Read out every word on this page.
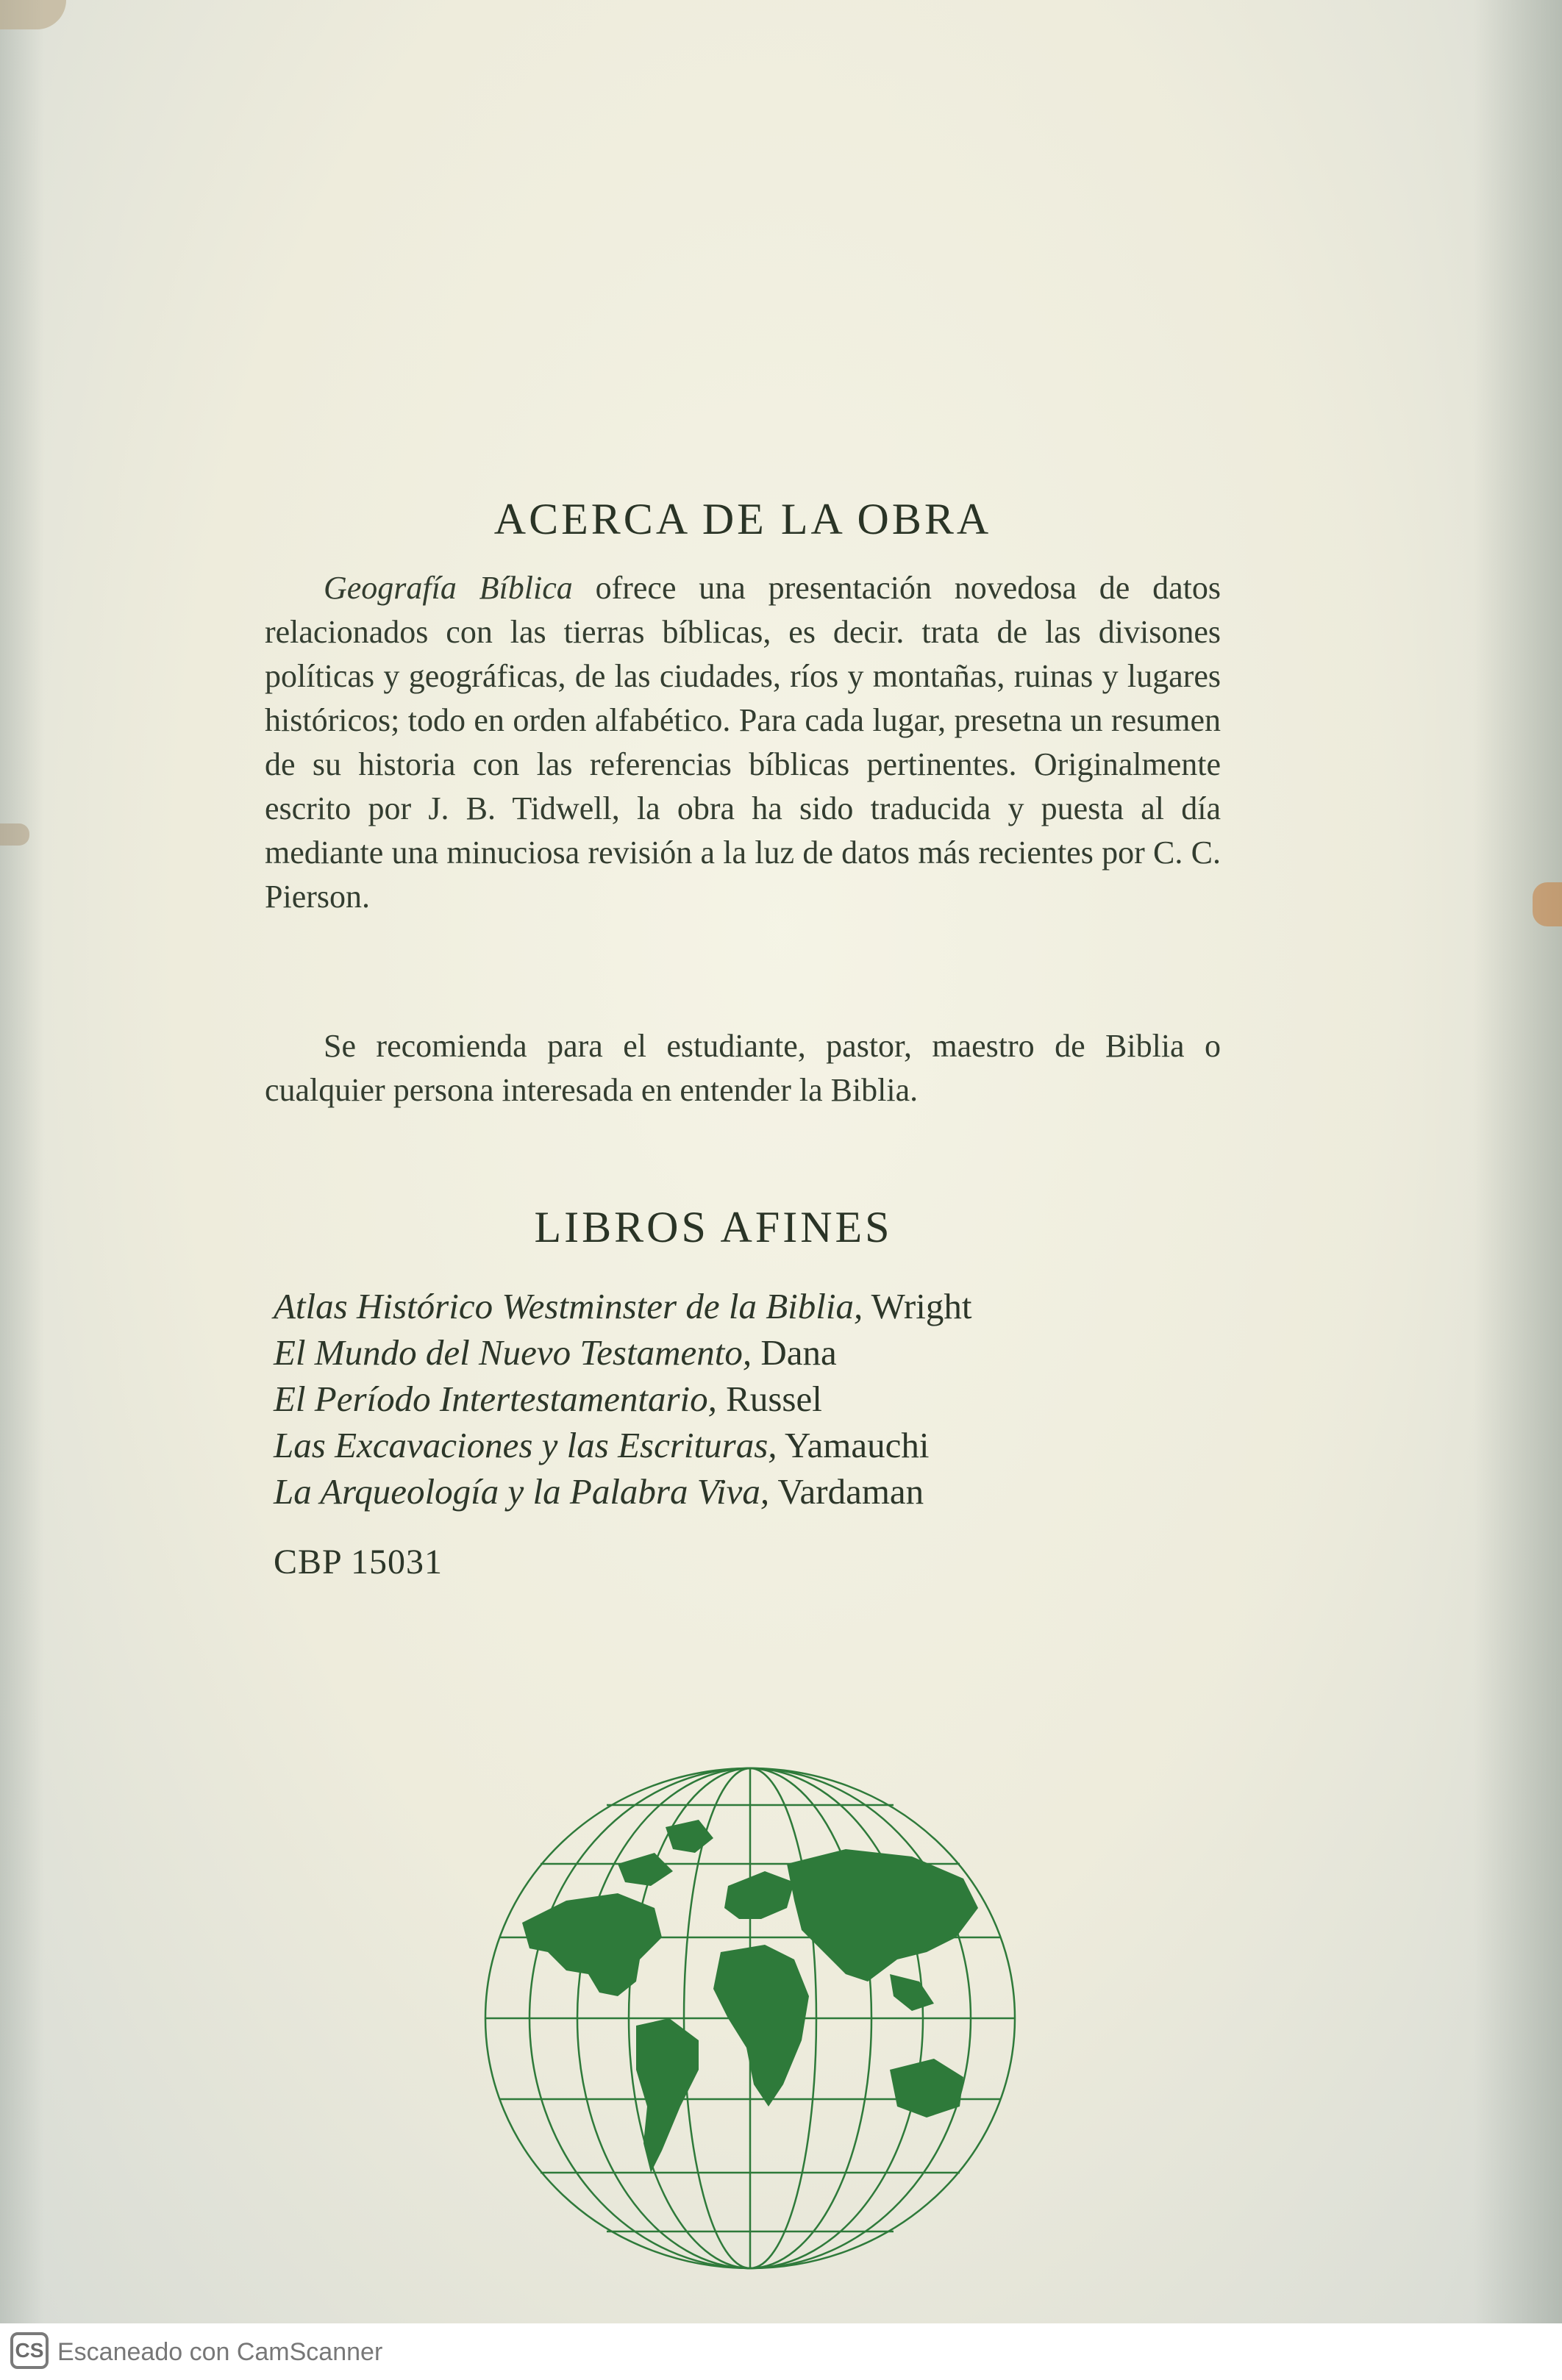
ACERCA DE LA OBRA
Geografía Bíblica ofrece una presentación novedosa de datos relacionados con las tierras bíblicas, es decir. trata de las divisones políticas y geográficas, de las ciudades, ríos y montañas, ruinas y lugares históricos; todo en orden alfabético. Para cada lugar, presetna un resumen de su historia con las referencias bíblicas pertinentes. Originalmente escrito por J. B. Tidwell, la obra ha sido traducida y puesta al día mediante una minuciosa revisión a la luz de datos más recientes por C. C. Pierson.
Se recomienda para el estudiante, pastor, maestro de Biblia o cualquier persona interesada en entender la Biblia.
LIBROS AFINES
Atlas Histórico Westminster de la Biblia, Wright
El Mundo del Nuevo Testamento, Dana
El Período Intertestamentario, Russel
Las Excavaciones y las Escrituras, Yamauchi
La Arqueología y la Palabra Viva, Vardaman
CBP 15031
CS Escaneado con CamScanner
